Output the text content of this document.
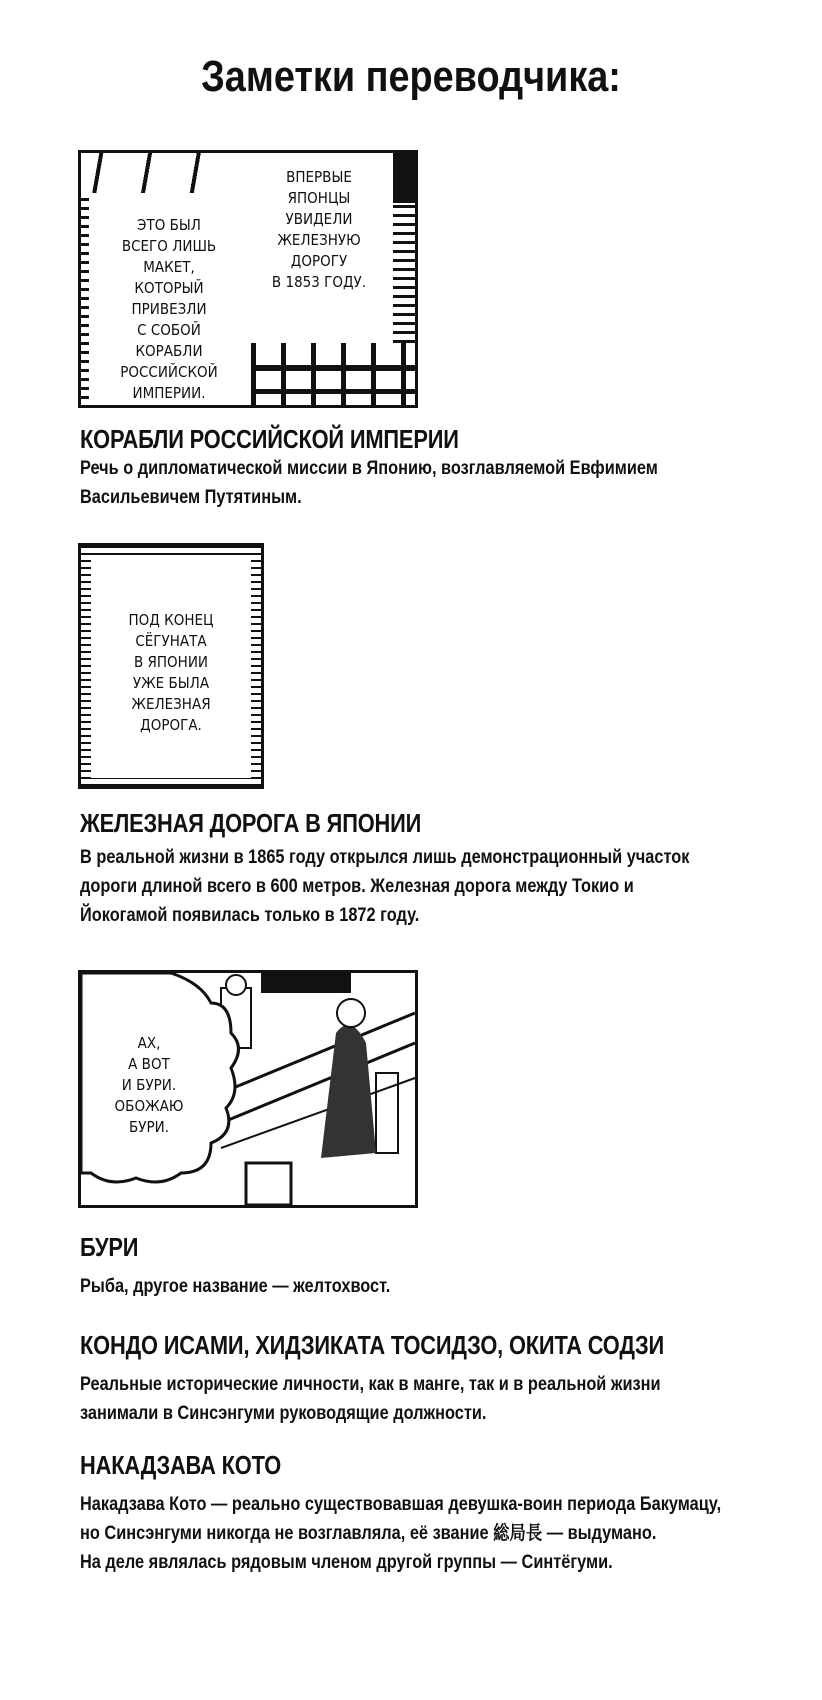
Заметки переводчика:
ВПЕРВЫЕ
ЯПОНЦЫ
УВИДЕЛИ
ЖЕЛЕЗНУЮ
ДОРОГУ
В 1853 ГОДУ.
ЭТО БЫЛ
ВСЕГО ЛИШЬ
МАКЕТ,
КОТОРЫЙ
ПРИВЕЗЛИ
С СОБОЙ
КОРАБЛИ
РОССИЙСКОЙ
ИМПЕРИИ.
КОРАБЛИ РОССИЙСКОЙ ИМПЕРИИ
Речь о дипломатической миссии в Японию, возглавляемой Евфимием
Васильевичем Путятиным.
ПОД КОНЕЦ
СЁГУНАТА
В ЯПОНИИ
УЖЕ БЫЛА
ЖЕЛЕЗНАЯ
ДОРОГА.
ЖЕЛЕЗНАЯ ДОРОГА В ЯПОНИИ
В реальной жизни в 1865 году открылся лишь демонстрационный участок
дороги длиной всего в 600 метров. Железная дорога между Токио и
Йокогамой появилась только в 1872 году.
АХ,
А ВОТ
И БУРИ.
ОБОЖАЮ
БУРИ.
БУРИ
Рыба, другое название — желтохвост.
КОНДО ИСАМИ, ХИДЗИКАТА ТОСИДЗО, ОКИТА СОДЗИ
Реальные исторические личности, как в манге, так и в реальной жизни
занимали в Синсэнгуми руководящие должности.
НАКАДЗАВА КОТО
Накадзава Кото — реально существовавшая девушка-воин периода Бакумацу,
но Синсэнгуми никогда не возглавляла, её звание 総局長 — выдумано.
На деле являлась рядовым членом другой группы — Синтёгуми.
